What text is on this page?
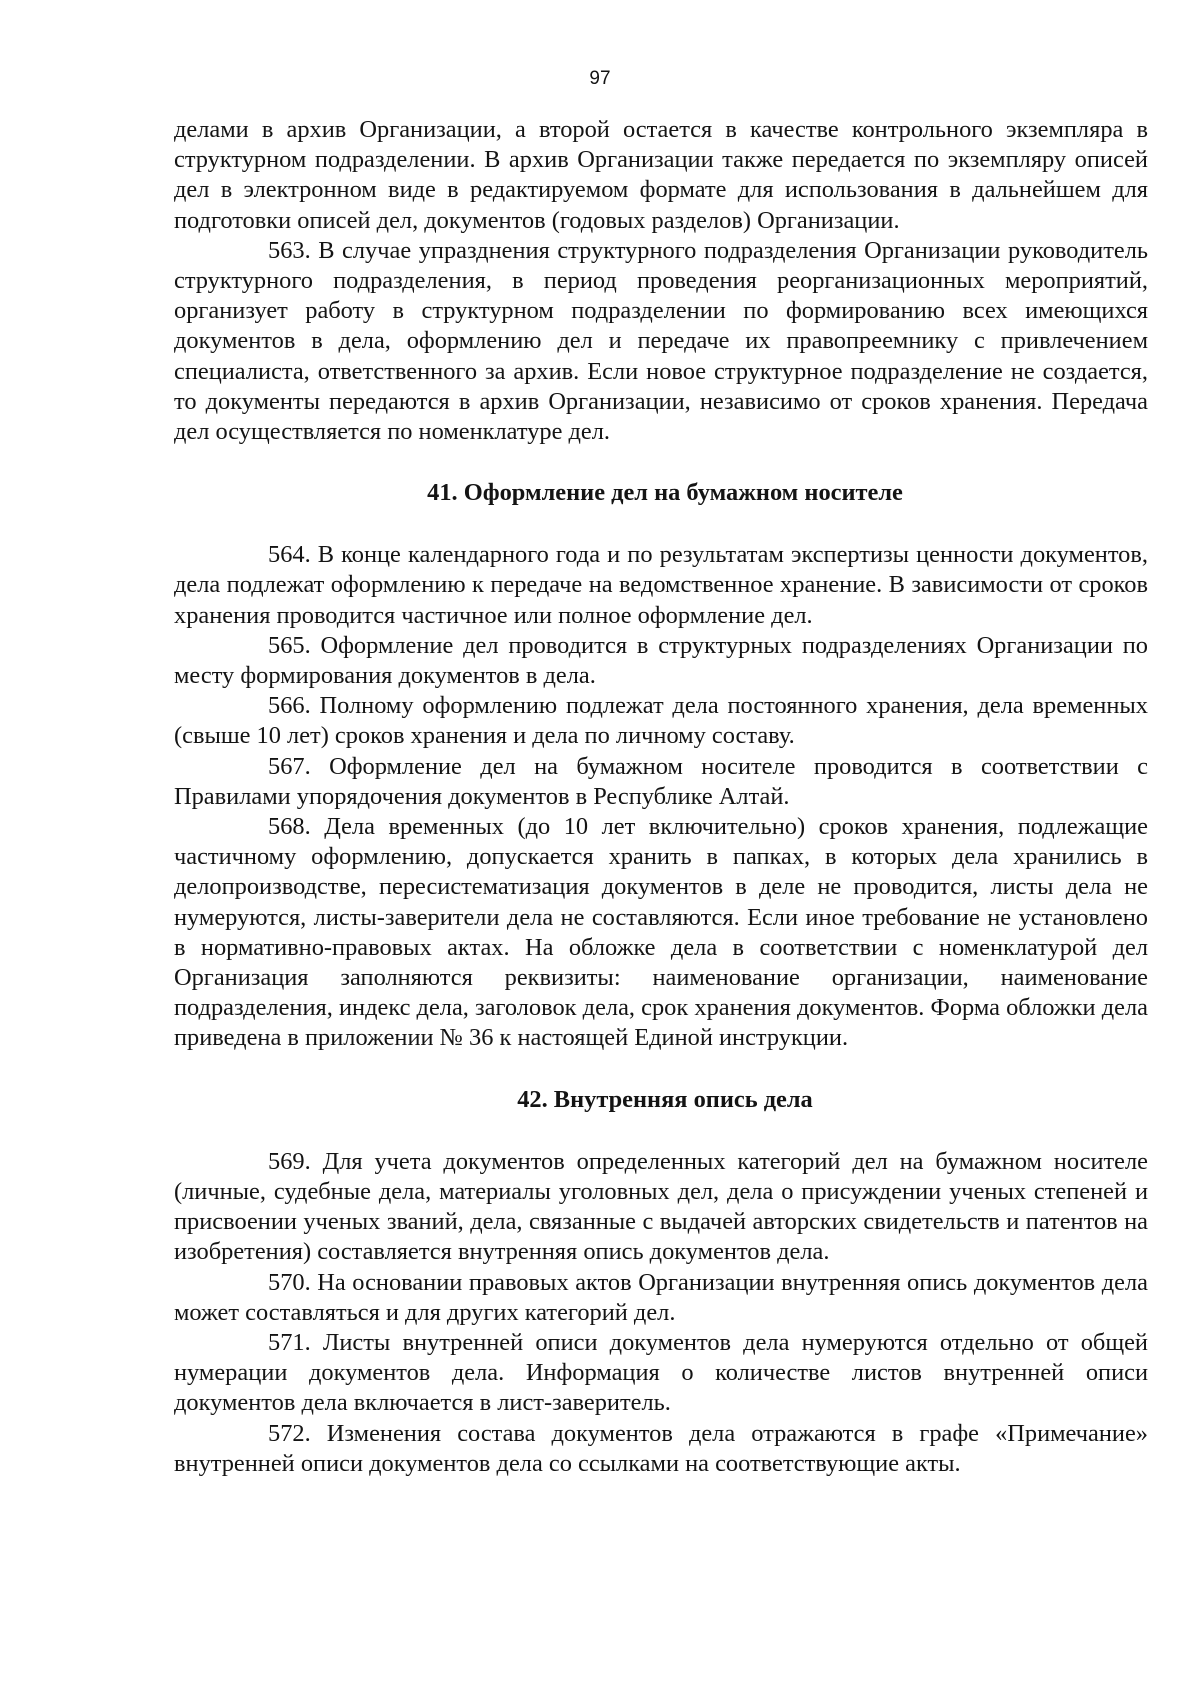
97

делами в архив Организации, а второй остается в качестве контрольного экземпляра в структурном подразделении. В архив Организации также передается по экземпляру описей дел в электронном виде в редактируемом формате для использования в дальнейшем для подготовки описей дел, документов (годовых разделов) Организации.

563. В случае упразднения структурного подразделения Организации руководитель структурного подразделения, в период проведения реорганизационных мероприятий, организует работу в структурном подразделении по формированию всех имеющихся документов в дела, оформлению дел и передаче их правопреемнику с привлечением специалиста, ответственного за архив. Если новое структурное подразделение не создается, то документы передаются в архив Организации, независимо от сроков хранения. Передача дел осуществляется по номенклатуре дел.

41. Оформление дел на бумажном носителе

564. В конце календарного года и по результатам экспертизы ценности документов, дела подлежат оформлению к передаче на ведомственное хранение. В зависимости от сроков хранения проводится частичное или полное оформление дел.

565. Оформление дел проводится в структурных подразделениях Организации по месту формирования документов в дела.

566. Полному оформлению подлежат дела постоянного хранения, дела временных (свыше 10 лет) сроков хранения и дела по личному составу.

567. Оформление дел на бумажном носителе проводится в соответствии с Правилами упорядочения документов в Республике Алтай.

568. Дела временных (до 10 лет включительно) сроков хранения, подлежащие частичному оформлению, допускается хранить в папках, в которых дела хранились в делопроизводстве, пересистематизация документов в деле не проводится, листы дела не нумеруются, листы-заверители дела не составляются. Если иное требование не установлено в нормативно-правовых актах. На обложке дела в соответствии с номенклатурой дел Организация заполняются реквизиты: наименование организации, наименование подразделения, индекс дела, заголовок дела, срок хранения документов. Форма обложки дела приведена в приложении № 36 к настоящей Единой инструкции.

42. Внутренняя опись дела

569. Для учета документов определенных категорий дел на бумажном носителе (личные, судебные дела, материалы уголовных дел, дела о присуждении ученых степеней и присвоении ученых званий, дела, связанные с выдачей авторских свидетельств и патентов на изобретения) составляется внутренняя опись документов дела.

570. На основании правовых актов Организации внутренняя опись документов дела может составляться и для других категорий дел.

571. Листы внутренней описи документов дела нумеруются отдельно от общей нумерации документов дела. Информация о количестве листов внутренней описи документов дела включается в лист-заверитель.

572. Изменения состава документов дела отражаются в графе «Примечание» внутренней описи документов дела со ссылками на соответствующие акты.
